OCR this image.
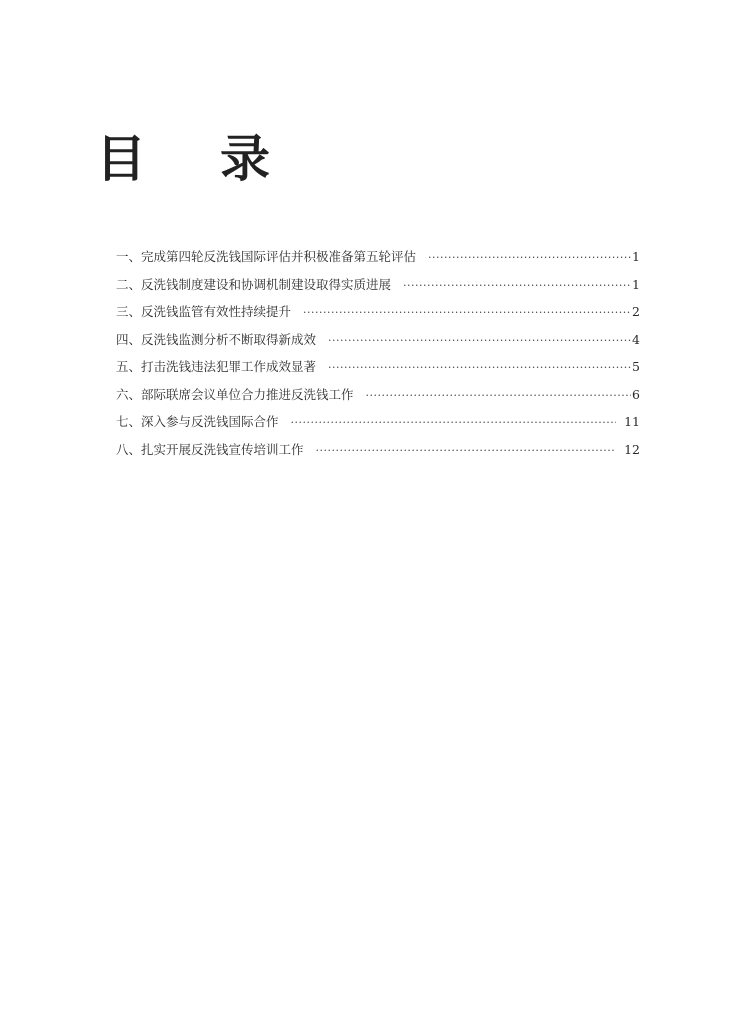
目 录
一、完成第四轮反洗钱国际评估并积极准备第五轮评估 ·····	1
二、反洗钱制度建设和协调机制建设取得实质进展 ·····	1
三、反洗钱监管有效性持续提升 ·····	2
四、反洗钱监测分析不断取得新成效 ·····	4
五、打击洗钱违法犯罪工作成效显著 ·····	5
六、部际联席会议单位合力推进反洗钱工作 ·····	6
七、深入参与反洗钱国际合作 ·····	11
八、扎实开展反洗钱宣传培训工作 ·····	12
